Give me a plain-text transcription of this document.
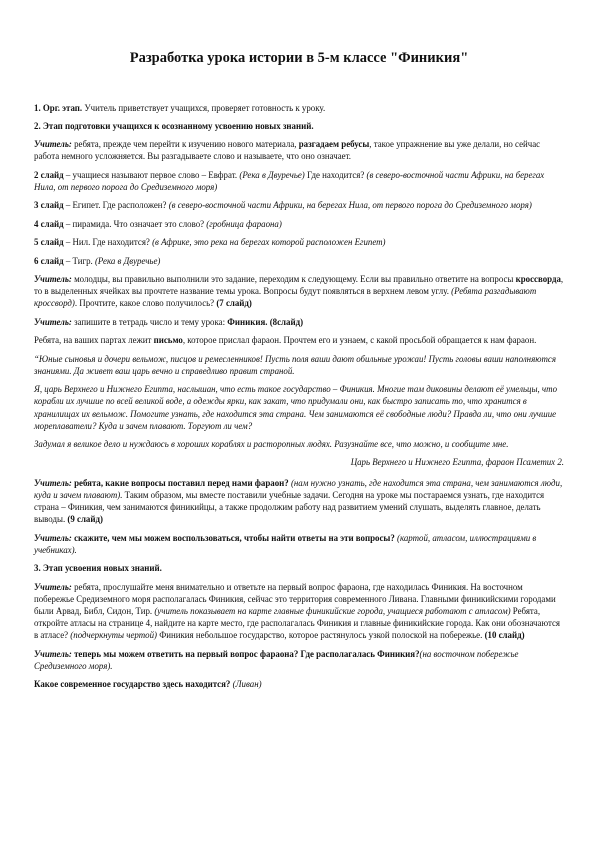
Разработка урока истории в 5-м классе "Финикия"

1. Орг. этап. Учитель приветствует учащихся, проверяет готовность к уроку.

2. Этап подготовки учащихся к осознанному усвоению новых знаний.

Учитель: ребята, прежде чем перейти к изучению нового материала, разгадаем ребусы, такое упражнение вы уже делали, но сейчас работа немного усложняется. Вы разгадываете слово и называете, что оно означает.

2 слайд – учащиеся называют первое слово – Евфрат. (Река в Двуречье) Где находится? (в северо-восточной части Африки, на берегах Нила, от первого порога до Средиземного моря)

3 слайд – Египет. Где расположен? (в северо-восточной части Африки, на берегах Нила, от первого порога до Средиземного моря)

4 слайд – пирамида. Что означает это слово? (гробница фараона)

5 слайд – Нил. Где находится? (в Африке, это река на берегах которой расположен Египет)

6 слайд – Тигр. (Река в Двуречье)

Учитель: молодцы, вы правильно выполнили это задание, переходим к следующему. Если вы правильно ответите на вопросы кроссворда, то в выделенных ячейках вы прочтете название темы урока. Вопросы будут появляться в верхнем левом углу. (Ребята разгадывают кроссворд). Прочтите, какое слово получилось? (7 слайд)

Учитель: запишите в тетрадь число и тему урока: Финикия. (8слайд)

Ребята, на ваших партах лежит письмо, которое прислал фараон. Прочтем его и узнаем, с какой просьбой обращается к нам фараон.

“Юные сыновья и дочери вельмож, писцов и ремесленников! Пусть поля ваши дают обильные урожаи! Пусть головы ваши наполняются знаниями. Да живет ваш царь вечно и справедливо правит страной.

Я, царь Верхнего и Нижнего Египта, наслышан, что есть такое государство – Финикия. Многие там диковины делают её умельцы, что корабли их лучшие по всей великой воде, а одежды ярки, как закат, что придумали они, как быстро записать то, что хранится в хранилищах их вельмож. Помогите узнать, где находится эта страна. Чем занимаются её свободные люди? Правда ли, что они лучшие мореплаватели? Куда и зачем плавают. Торгуют ли чем?

Задумал я великое дело и нуждаюсь в хороших кораблях и расторопных людях. Разузнайте все, что можно, и сообщите мне.

Царь Верхнего и Нижнего Египта, фараон Псаметих 2.

Учитель: ребята, какие вопросы поставил перед нами фараон? (нам нужно узнать, где находится эта страна, чем занимаются люди, куда и зачем плавают). Таким образом, мы вместе поставили учебные задачи. Сегодня на уроке мы постараемся узнать, где находится страна – Финикия, чем занимаются финикийцы, а также продолжим работу над развитием умений слушать, выделять главное, делать выводы. (9 слайд)

Учитель: скажите, чем мы можем воспользоваться, чтобы найти ответы на эти вопросы? (картой, атласом, иллюстрациями в учебниках).

3. Этап усвоения новых знаний.

Учитель: ребята, прослушайте меня внимательно и ответьте на первый вопрос фараона, где находилась Финикия. На восточном побережье Средиземного моря располагалась Финикия, сейчас это территория современного Ливана. Главными финикийскими городами были Арвад, Библ, Сидон, Тир. (учитель показывает на карте главные финикийские города, учащиеся работают с атласом) Ребята, откройте атласы на странице 4, найдите на карте место, где располагалась Финикия и главные финикийские города. Как они обозначаются в атласе? (подчеркнуты чертой) Финикия небольшое государство, которое растянулось узкой полоской на побережье. (10 слайд)

Учитель: теперь мы можем ответить на первый вопрос фараона? Где располагалась Финикия?(на восточном побережье Средиземного моря).

Какое современное государство здесь находится? (Ливан)
